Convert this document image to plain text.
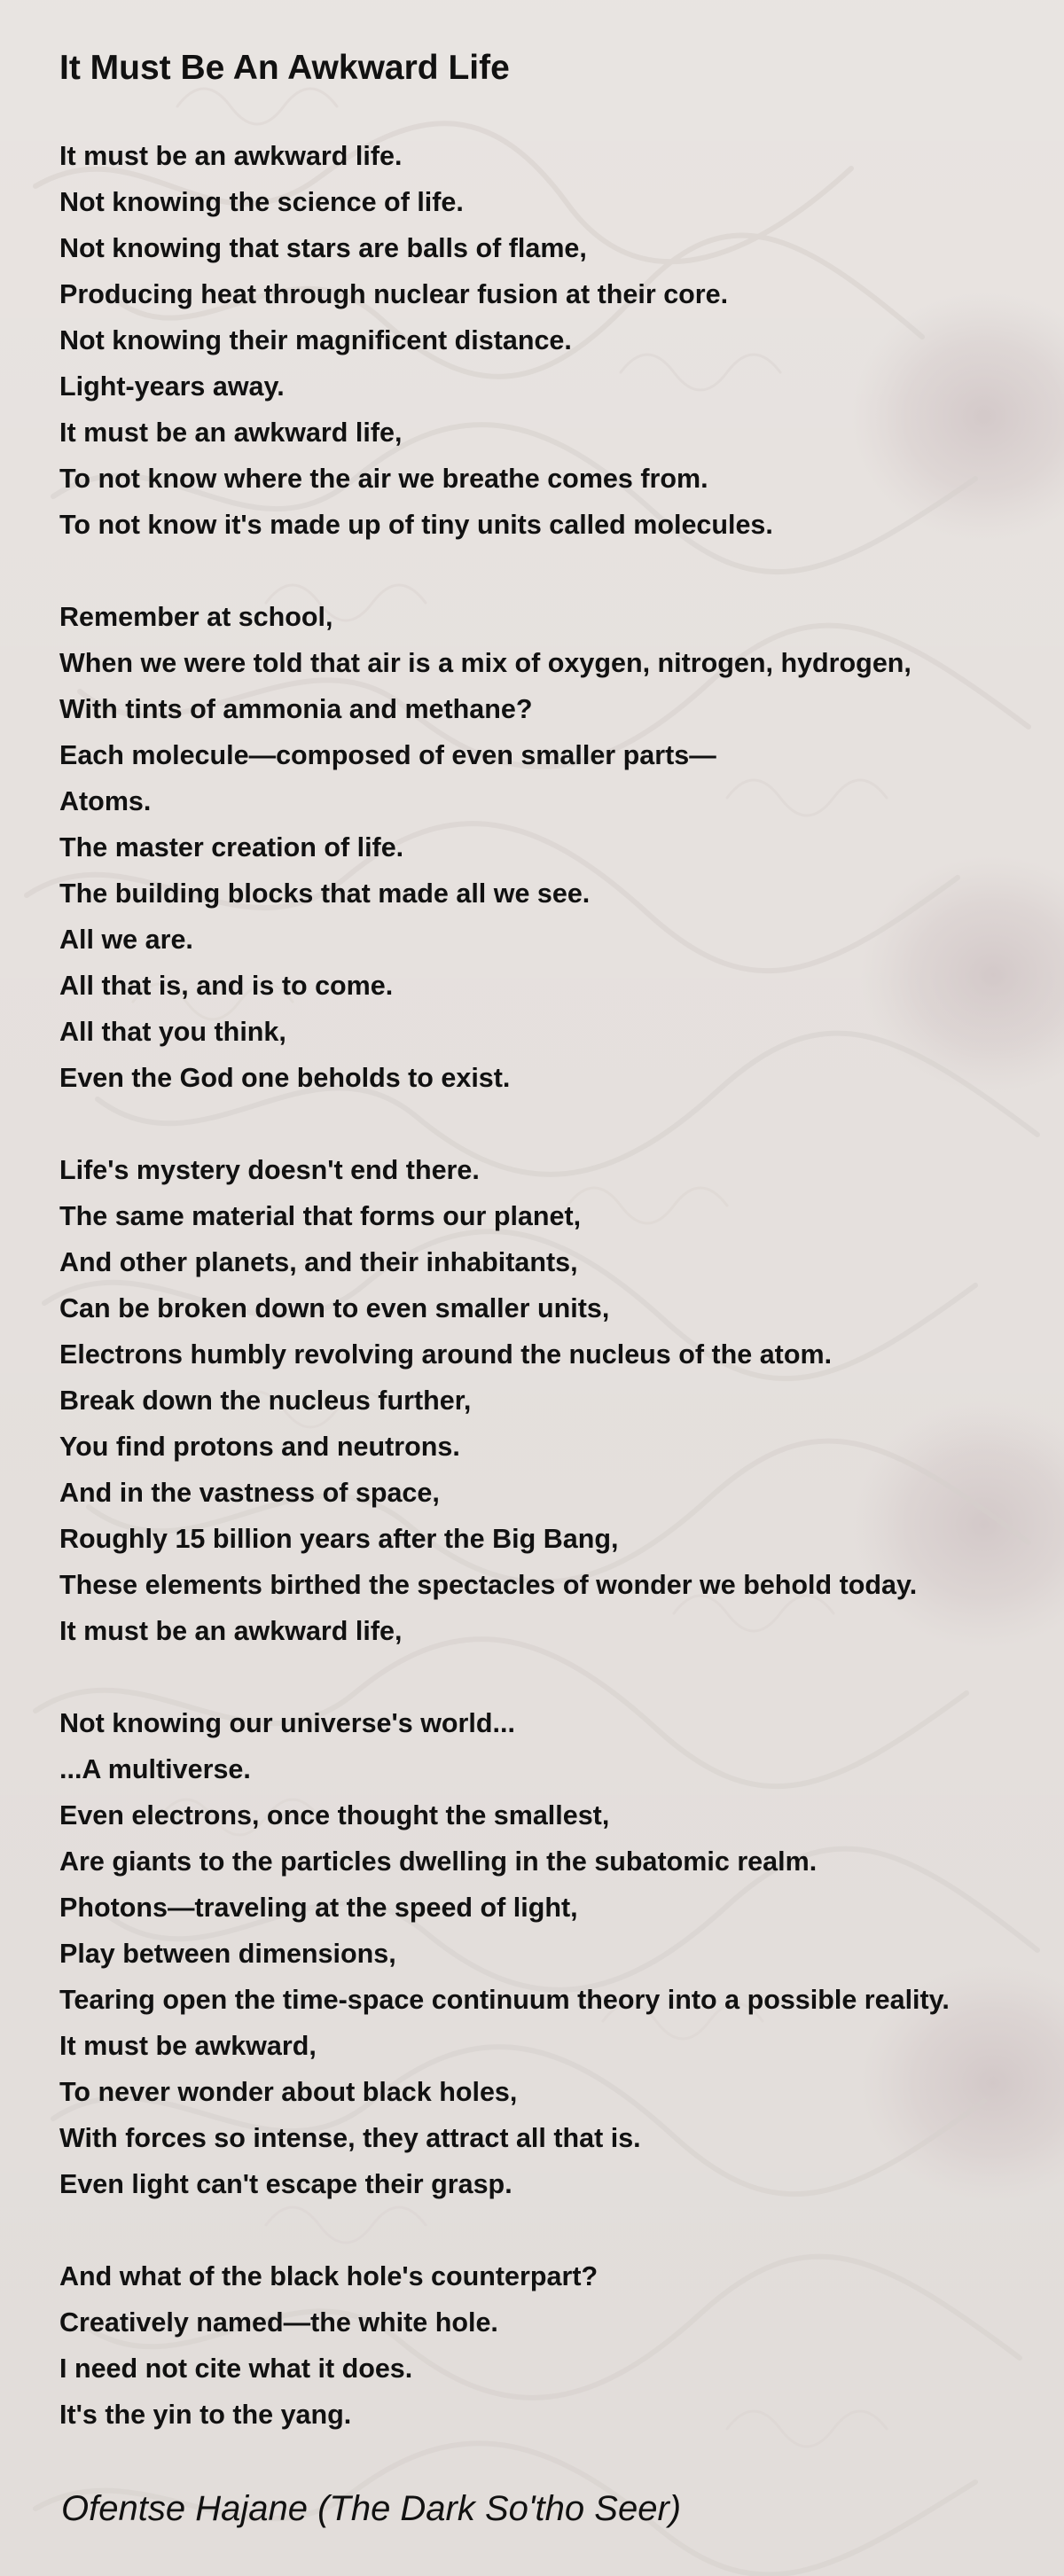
It Must Be An Awkward Life
It must be an awkward life.
Not knowing the science of life.
Not knowing that stars are balls of flame,
Producing heat through nuclear fusion at their core.
Not knowing their magnificent distance.
Light-years away.
It must be an awkward life,
To not know where the air we breathe comes from.
To not know it's made up of tiny units called molecules.
Remember at school,
When we were told that air is a mix of oxygen, nitrogen, hydrogen,
With tints of ammonia and methane?
Each molecule—composed of even smaller parts—
Atoms.
The master creation of life.
The building blocks that made all we see.
All we are.
All that is, and is to come.
All that you think,
Even the God one beholds to exist.
Life's mystery doesn't end there.
The same material that forms our planet,
And other planets, and their inhabitants,
Can be broken down to even smaller units,
Electrons humbly revolving around the nucleus of the atom.
Break down the nucleus further,
You find protons and neutrons.
And in the vastness of space,
Roughly 15 billion years after the Big Bang,
These elements birthed the spectacles of wonder we behold today.
It must be an awkward life,
Not knowing our universe's world...
...A multiverse.
Even electrons, once thought the smallest,
Are giants to the particles dwelling in the subatomic realm.
Photons—traveling at the speed of light,
Play between dimensions,
Tearing open the time-space continuum theory into a possible reality.
It must be awkward,
To never wonder about black holes,
With forces so intense, they attract all that is.
Even light can't escape their grasp.
And what of the black hole's counterpart?
Creatively named—the white hole.
I need not cite what it does.
It's the yin to the yang.

Ofentse Hajane (The Dark So'tho Seer)
